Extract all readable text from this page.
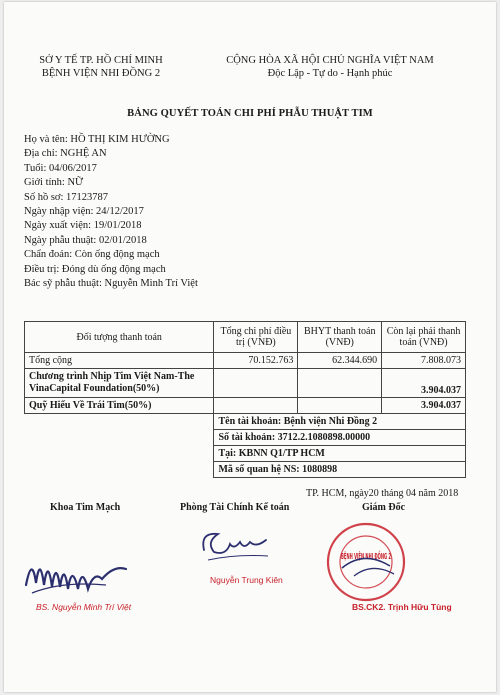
SỞ Y TẾ TP. HỒ CHÍ MINH
BỆNH VIỆN NHI ĐỒNG 2
CỘNG HÒA XÃ HỘI CHỦ NGHĨA VIỆT NAM
Độc Lập - Tự do - Hạnh phúc
BẢNG QUYẾT TOÁN CHI PHÍ PHẪU THUẬT TIM
Họ và tên: HỒ THỊ KIM HƯỜNG
Địa chỉ: NGHỆ AN
Tuổi: 04/06/2017
Giới tính: NỮ
Số hồ sơ: 17123787
Ngày nhập viện: 24/12/2017
Ngày xuất viện: 19/01/2018
Ngày phẫu thuật: 02/01/2018
Chẩn đoán: Còn ống động mạch
Điều trị: Đóng dù ống động mạch
Bác sỹ phẫu thuật: Nguyễn Minh Trí Việt
Đối tượng thanh toán	Tổng chi phí điều trị (VNĐ)	BHYT thanh toán (VNĐ)	Còn lại phải thanh toán (VNĐ)
Tổng cộng	70.152.763	62.344.690	7.808.073
Chương trình Nhịp Tim Việt Nam-The VinaCapital Foundation(50%)			3.904.037
Quỹ Hiếu Về Trái Tim(50%)			3.904.037
	Tên tài khoản: Bệnh viện Nhi Đồng 2		
	Số tài khoản: 3712.2.1080898.00000		
	Tại: KBNN Q1/TP HCM		
	Mã số quan hệ NS: 1080898		
TP. HCM, ngày20 tháng 04 năm 2018
Khoa Tim Mạch	Phòng Tài Chính Kế toán	Giám Đốc
BS. Nguyễn Minh Trí Việt
Nguyễn Trung Kiên
BỆNH VIỆN NHI ĐỒNG 2
BS.CK2. Trịnh Hữu Tùng
